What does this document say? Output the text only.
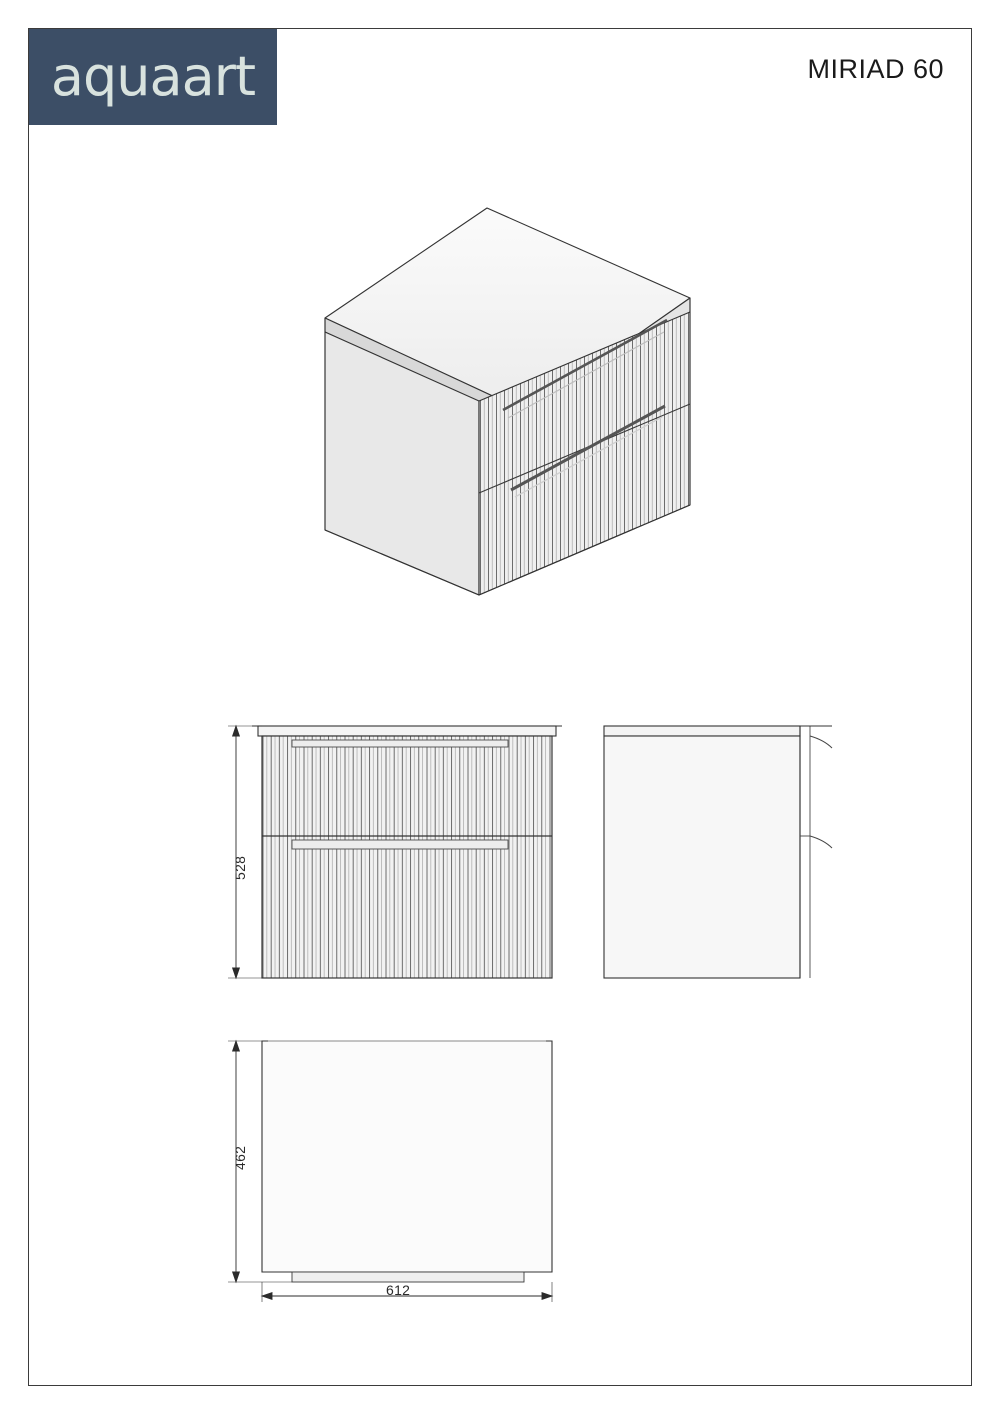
aquaart	MIRIAD 60
528
462
612
